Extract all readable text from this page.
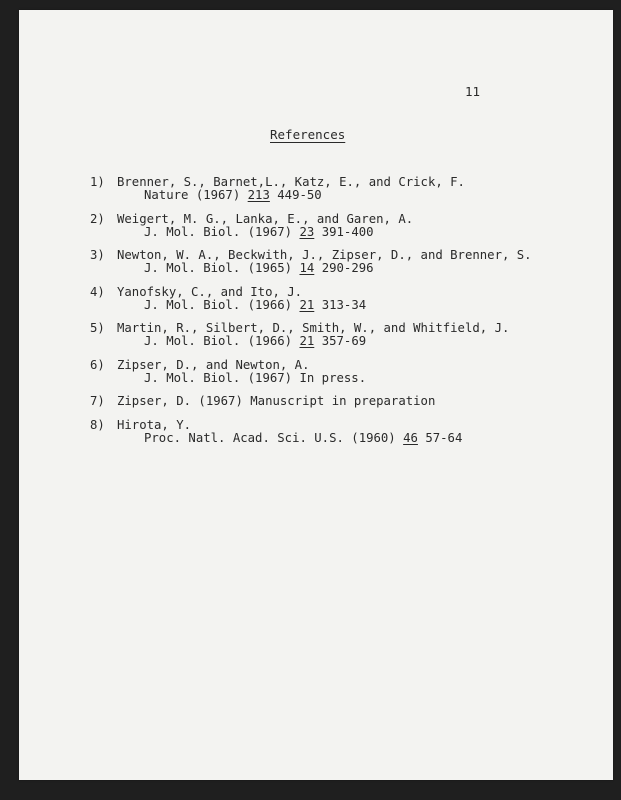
11
References
1) Brenner, S., Barnet,L., Katz, E., and Crick, F.
Nature (1967) 213 449-50
2) Weigert, M. G., Lanka, E., and Garen, A.
J. Mol. Biol. (1967) 23 391-400
3) Newton, W. A., Beckwith, J., Zipser, D., and Brenner, S.
J. Mol. Biol. (1965) 14 290-296
4) Yanofsky, C., and Ito, J.
J. Mol. Biol. (1966) 21 313-34
5) Martin, R., Silbert, D., Smith, W., and Whitfield, J.
J. Mol. Biol. (1966) 21 357-69
6) Zipser, D., and Newton, A.
J. Mol. Biol. (1967) In press.
7) Zipser, D. (1967) Manuscript in preparation
8) Hirota, Y.
Proc. Natl. Acad. Sci. U.S. (1960) 46 57-64
